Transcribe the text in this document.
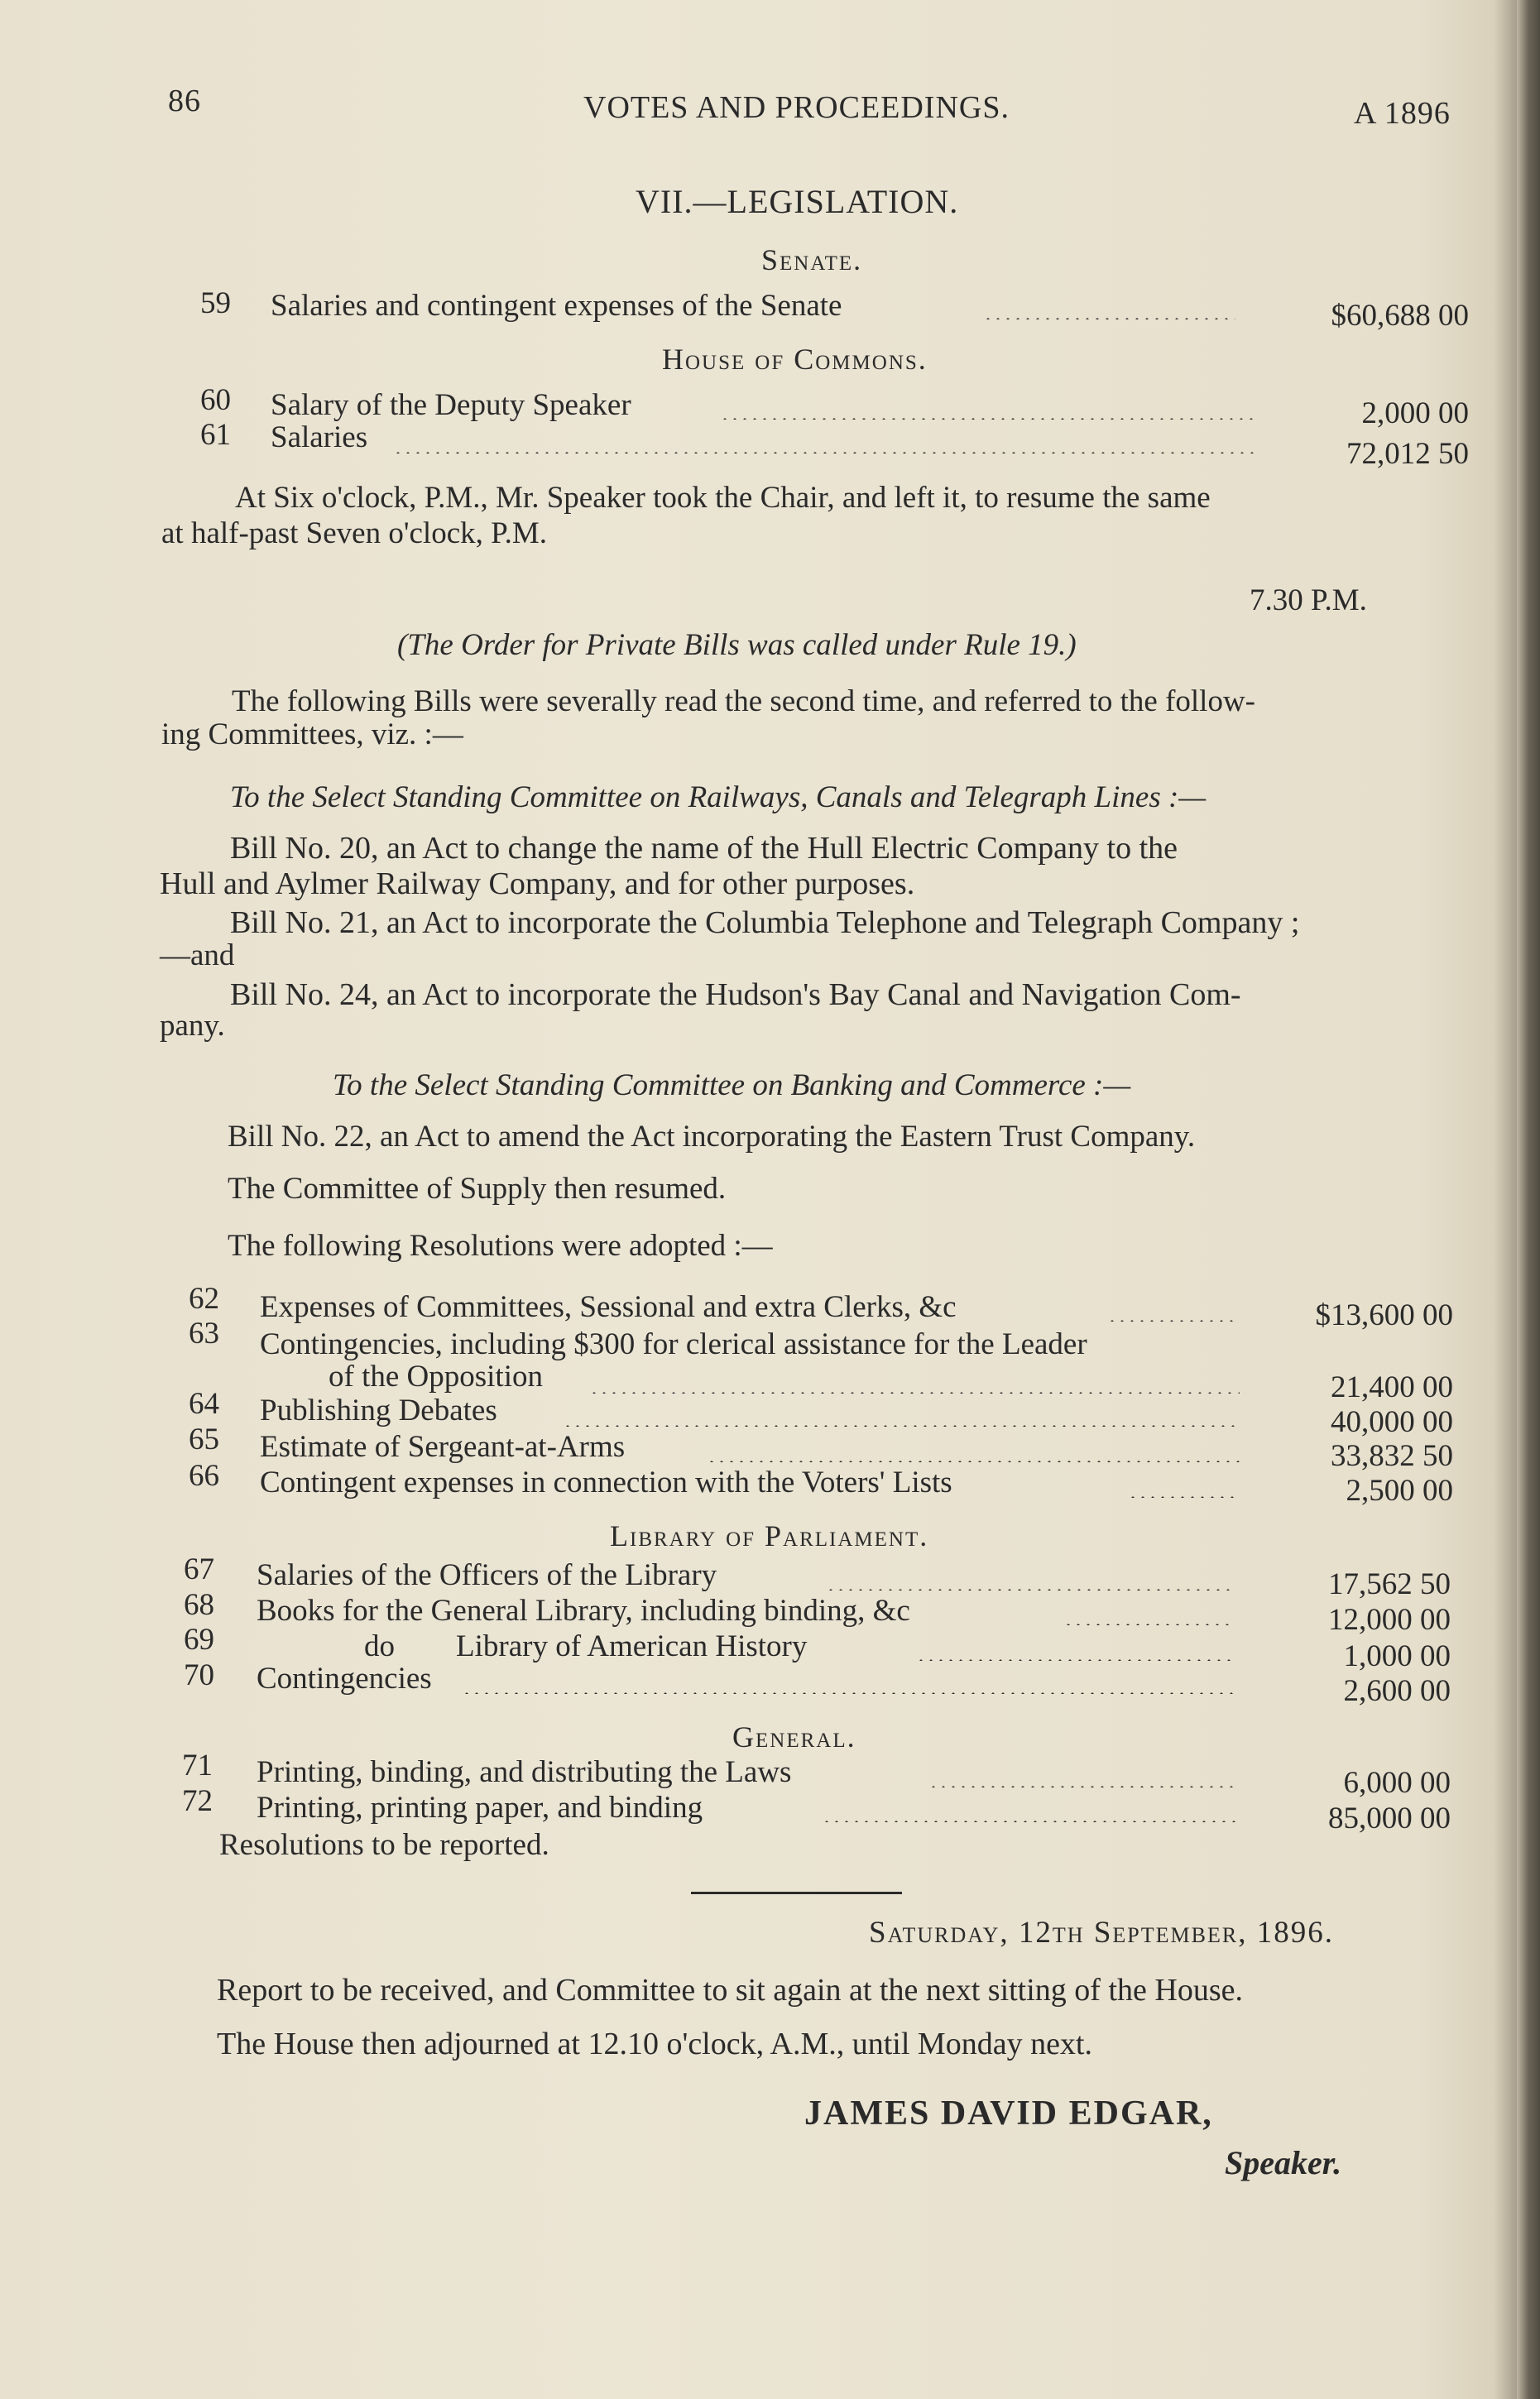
86	VOTES AND PROCEEDINGS.	A 1896
VII.—LEGISLATION.
Senate.
59 Salaries and contingent expenses of the Senate	$60,688 00
House of Commons.
60 Salary of the Deputy Speaker	2,000 00
61 Salaries	72,012 50
At Six o'clock, P.M., Mr. Speaker took the Chair, and left it, to resume the same
at half-past Seven o'clock, P.M.
7.30 P.M.
(The Order for Private Bills was called under Rule 19.)
The following Bills were severally read the second time, and referred to the follow-
ing Committees, viz. :—
To the Select Standing Committee on Railways, Canals and Telegraph Lines :—
Bill No. 20, an Act to change the name of the Hull Electric Company to the
Hull and Aylmer Railway Company, and for other purposes.
Bill No. 21, an Act to incorporate the Columbia Telephone and Telegraph Company ;
—and
Bill No. 24, an Act to incorporate the Hudson's Bay Canal and Navigation Com-
pany.
To the Select Standing Committee on Banking and Commerce :—
Bill No. 22, an Act to amend the Act incorporating the Eastern Trust Company.
The Committee of Supply then resumed.
The following Resolutions were adopted :—
62 Expenses of Committees, Sessional and extra Clerks, &c	$13,600 00
63 Contingencies, including $300 for clerical assistance for the Leader
of the Opposition	21,400 00
64 Publishing Debates	40,000 00
65 Estimate of Sergeant-at-Arms	33,832 50
66 Contingent expenses in connection with the Voters' Lists	2,500 00
Library of Parliament.
67 Salaries of the Officers of the Library	17,562 50
68 Books for the General Library, including binding, &c	12,000 00
69	do        Library of American History	1,000 00
70 Contingencies	2,600 00
General.
71 Printing, binding, and distributing the Laws	6,000 00
72 Printing, printing paper, and binding	85,000 00
Resolutions to be reported.
Saturday, 12th September, 1896.
Report to be received, and Committee to sit again at the next sitting of the House.
The House then adjourned at 12.10 o'clock, A.M., until Monday next.
JAMES DAVID EDGAR,
Speaker.
